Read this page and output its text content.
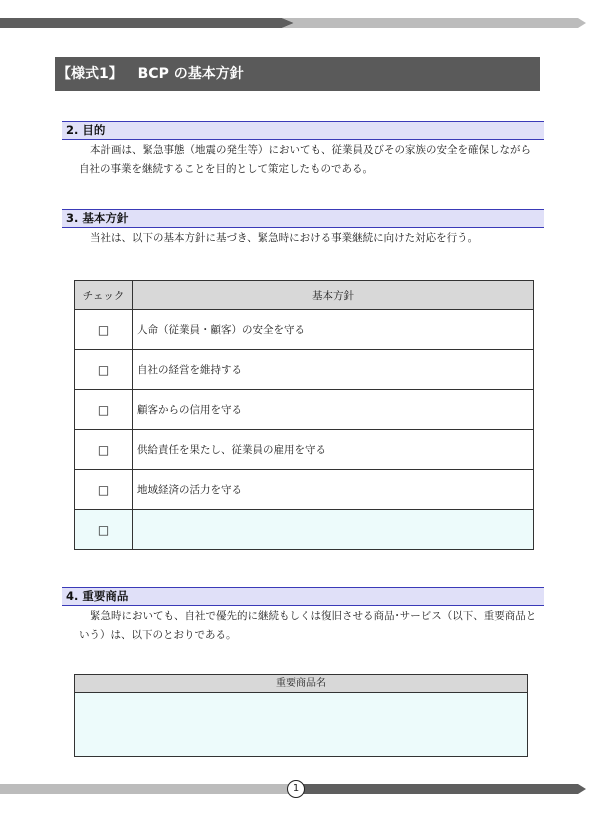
【様式1】 BCP の基本方針
2. 目的
本計画は、緊急事態（地震の発生等）においても、従業員及びその家族の安全を確保しながら自社の事業を継続することを目的として策定したものである。
3. 基本方針
当社は、以下の基本方針に基づき、緊急時における事業継続に向けた対応を行う。
チェック	基本方針
□	人命（従業員・顧客）の安全を守る
□	自社の経営を維持する
□	顧客からの信用を守る
□	供給責任を果たし、従業員の雇用を守る
□	地域経済の活力を守る
□	
4. 重要商品
緊急時においても、自社で優先的に継続もしくは復旧させる商品･サービス（以下、重要商品という）は、以下のとおりである。
重要商品名
1
